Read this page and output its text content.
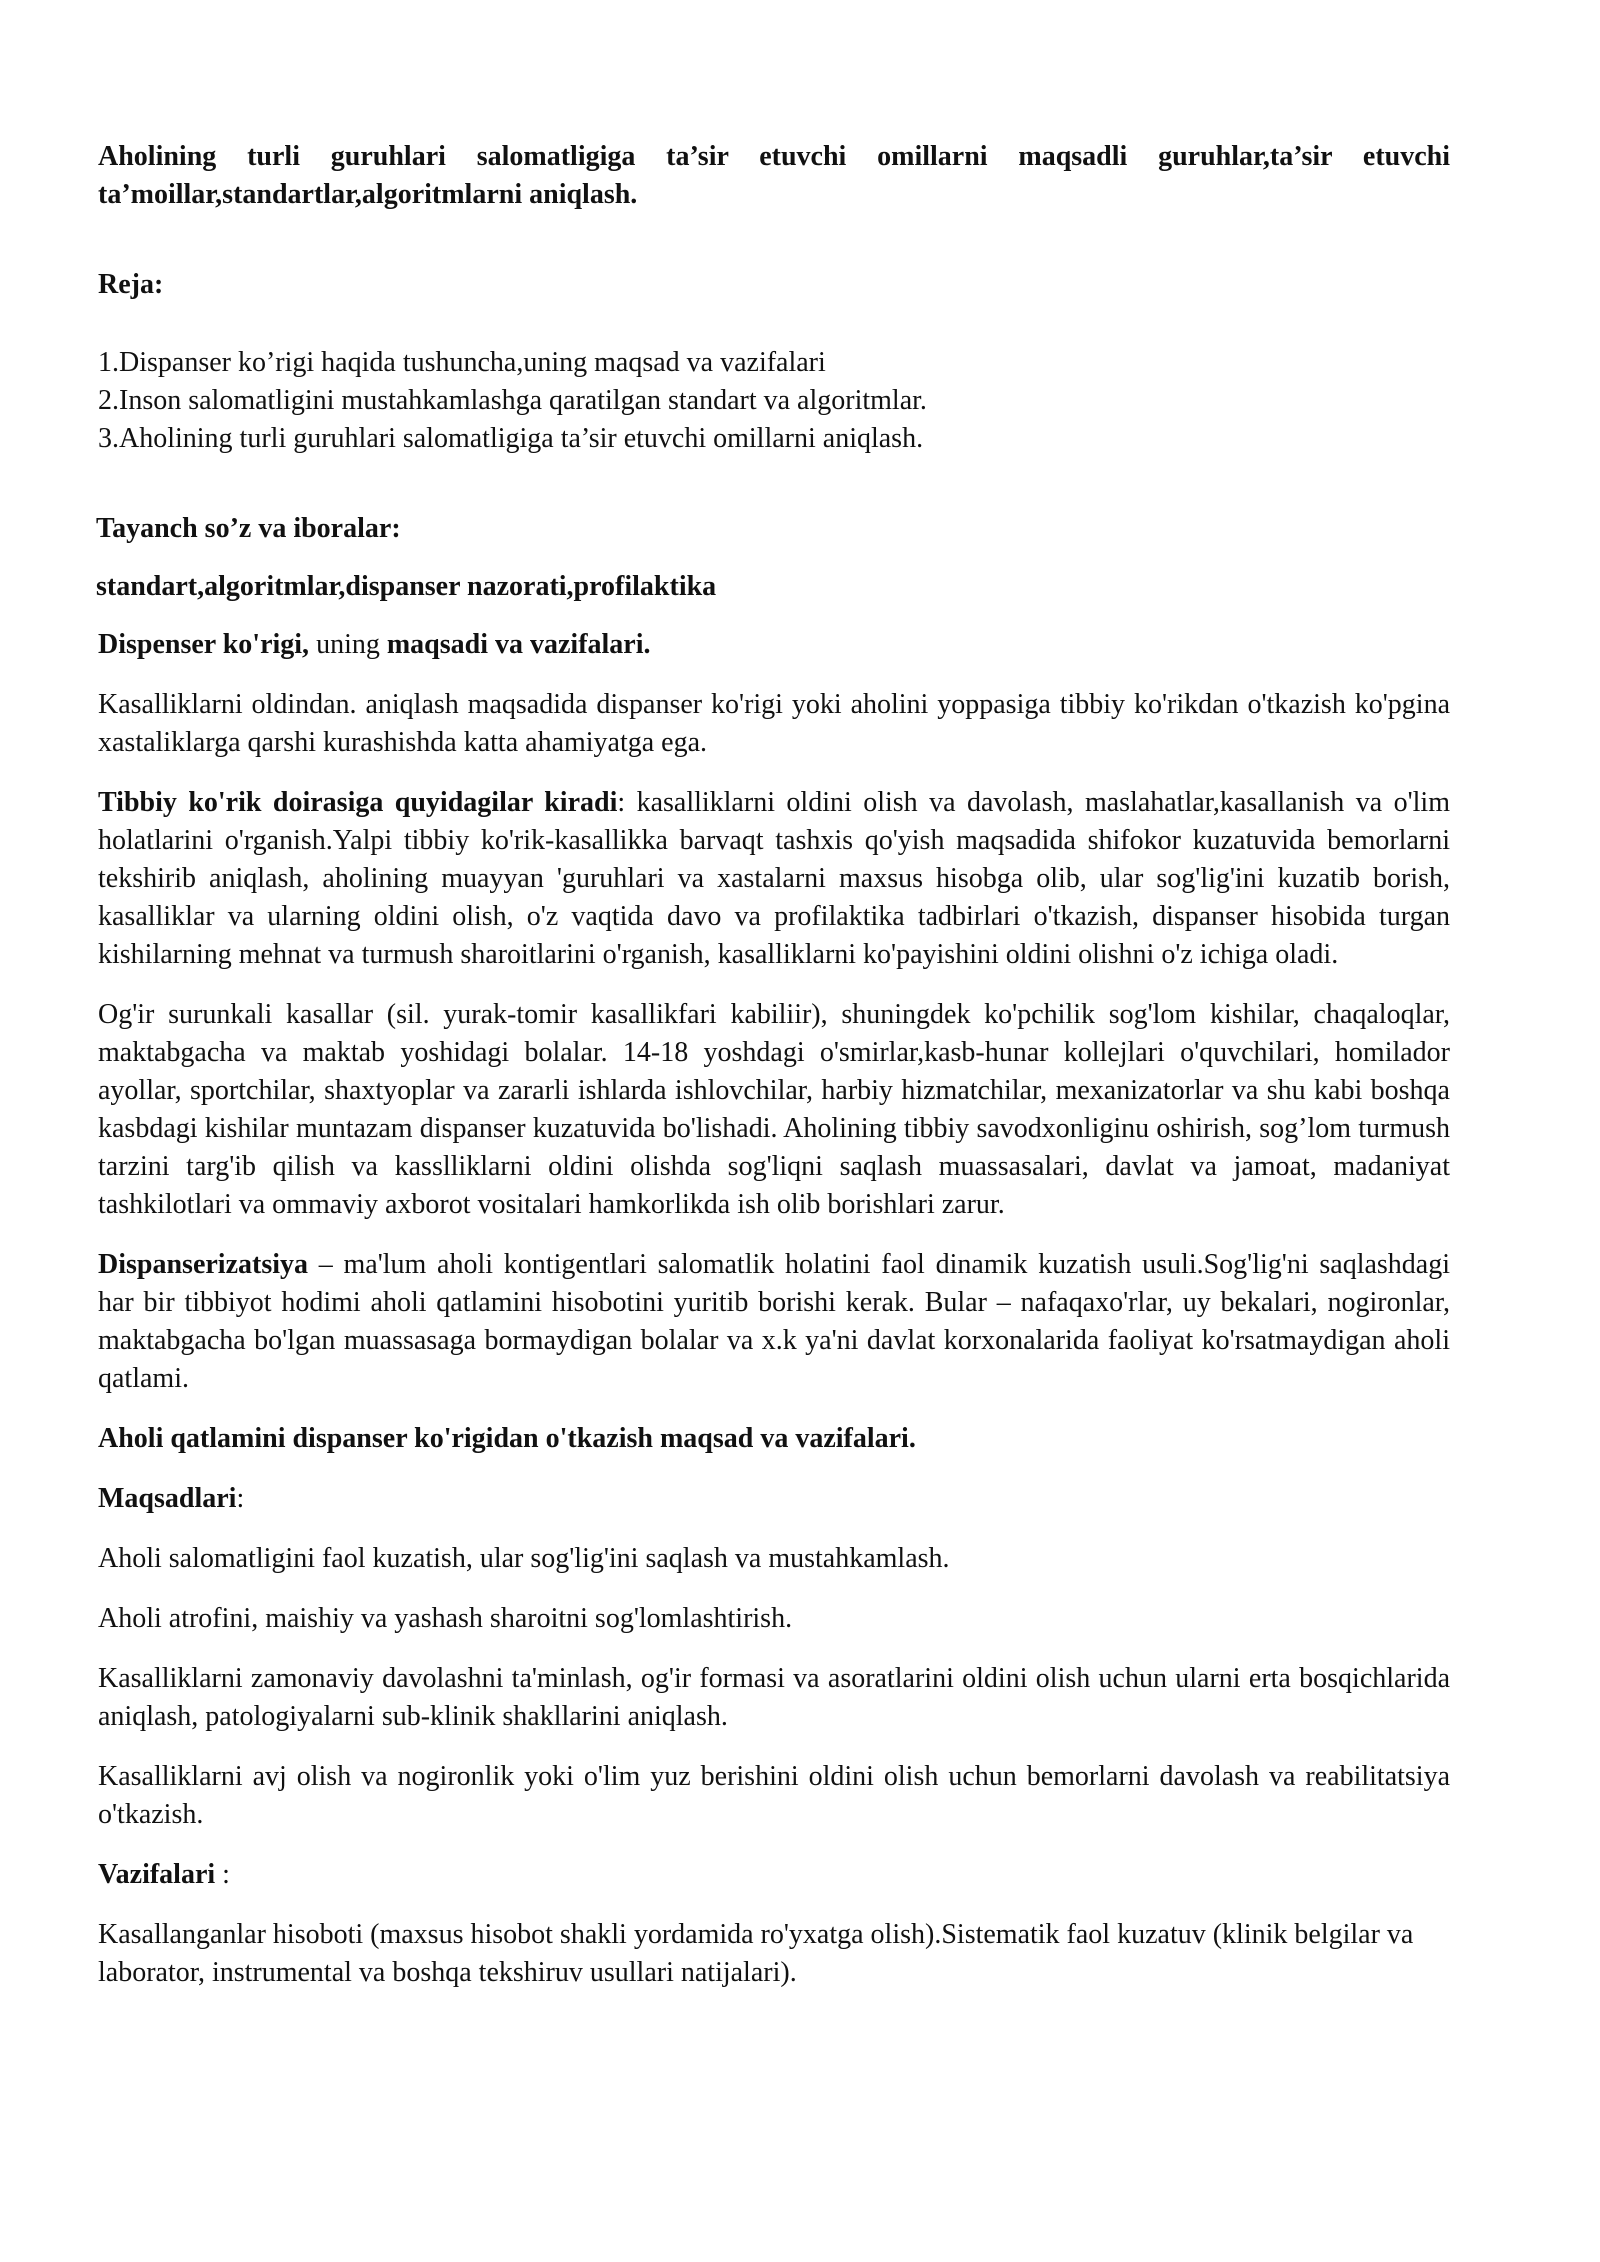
Aholining turli guruhlari salomatligiga ta’sir etuvchi omillarni maqsadli guruhlar,ta’sir etuvchi ta’moillar,standartlar,algoritmlarni aniqlash.

Reja:

1.Dispanser ko’rigi haqida tushuncha,uning maqsad va vazifalari
2.Inson salomatligini mustahkamlashga qaratilgan standart va algoritmlar.
3.Aholining turli guruhlari salomatligiga ta’sir etuvchi omillarni aniqlash.

Tayanch so’z va iboralar:

standart,algoritmlar,dispanser nazorati,profilaktika

Dispenser ko'rigi, uning maqsadi va vazifalari.

Kasalliklarni oldindan. aniqlash maqsadida dispanser ko'rigi yoki aholini yoppasiga tibbiy ko'rikdan o'tkazish ko'pgina xastaliklarga qarshi kurashishda katta ahamiyatga ega.

Tibbiy ko'rik doirasiga quyidagilar kiradi: kasalliklarni oldini olish va davolash, maslahatlar,kasallanish va o'lim holatlarini o'rganish.Yalpi tibbiy ko'rik-kasallikka barvaqt tashxis qo'yish maqsadida shifokor kuzatuvida bemorlarni tekshirib aniqlash, aholining muayyan 'guruhlari va xastalarni maxsus hisobga olib, ular sog'lig'ini kuzatib borish, kasalliklar va ularning oldini olish, o'z vaqtida davo va profilaktika tadbirlari o'tkazish, dispanser hisobida turgan kishilarning mehnat va turmush sharoitlarini o'rganish, kasalliklarni ko'payishini oldini olishni o'z ichiga oladi.

Og'ir surunkali kasallar (sil. yurak-tomir kasallikfari kabiliir), shuningdek ko'pchilik sog'lom kishilar, chaqaloqlar, maktabgacha va maktab yoshidagi bolalar. 14-18 yoshdagi o'smirlar,kasb-hunar kollejlari o'quvchilari, homilador ayollar, sportchilar, shaxtyoplar va zararli ishlarda ishlovchilar, harbiy hizmatchilar, mexanizatorlar va shu kabi boshqa kasbdagi kishilar muntazam dispanser kuzatuvida bo'lishadi. Aholining tibbiy savodxonliginu oshirish, sog’lom turmush tarzini targ'ib qilish va kasslliklarni oldini olishda sog'liqni saqlash muassasalari, davlat va jamoat, madaniyat tashkilotlari va ommaviy axborot vositalari hamkorlikda ish olib borishlari zarur.

Dispanserizatsiya – ma'lum aholi kontigentlari salomatlik holatini faol dinamik kuzatish usuli.Sog'lig'ni saqlashdagi har bir tibbiyot hodimi aholi qatlamini hisobotini yuritib borishi kerak. Bular – nafaqaxo'rlar, uy bekalari, nogironlar, maktabgacha bo'lgan muassasaga bormaydigan bolalar va x.k ya'ni davlat korxonalarida faoliyat ko'rsatmaydigan aholi qatlami.

Aholi qatlamini dispanser ko'rigidan o'tkazish maqsad va vazifalari.

Maqsadlari:

Aholi salomatligini faol kuzatish, ular sog'lig'ini saqlash va mustahkamlash.

Aholi atrofini, maishiy va yashash sharoitni sog'lomlashtirish.

Kasalliklarni zamonaviy davolashni ta'minlash, og'ir formasi va asoratlarini oldini olish uchun ularni erta bosqichlarida aniqlash, patologiyalarni sub-klinik shakllarini aniqlash.

Kasalliklarni avj olish va nogironlik yoki o'lim yuz berishini oldini olish uchun bemorlarni davolash va reabilitatsiya o'tkazish.

Vazifalari :

Kasallanganlar hisoboti (maxsus hisobot shakli yordamida ro'yxatga olish).Sistematik faol kuzatuv (klinik belgilar va laborator, instrumental va boshqa tekshiruv usullari natijalari).
